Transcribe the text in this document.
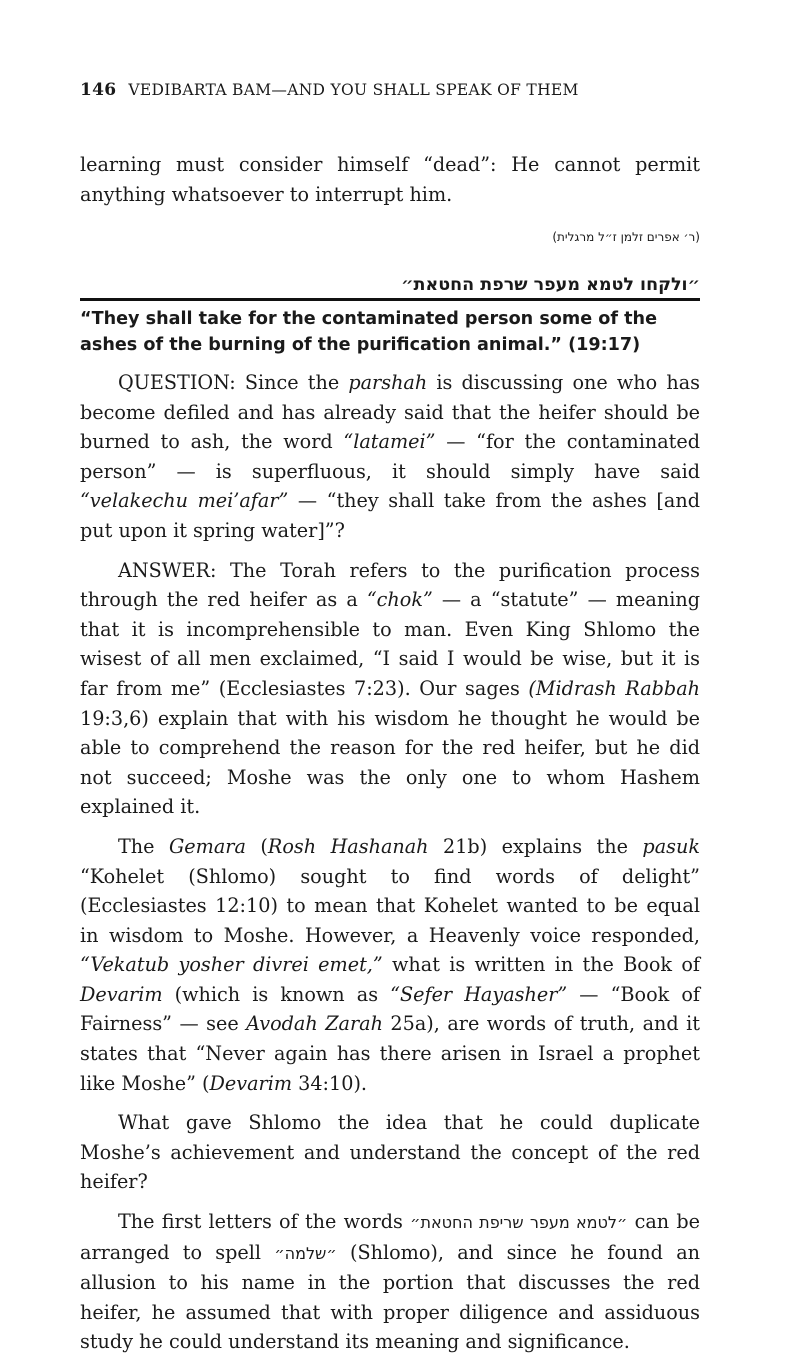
146 VEDIBARTA BAM—AND YOU SHALL SPEAK OF THEM

learning must consider himself “dead”: He cannot permit anything whatsoever to interrupt him.

(ר׳ אפרים זלמן ז״ל מרגלית)
״ולקחו לטמא מעפר שרפת החטאת״
“They shall take for the contaminated person some of the ashes of the burning of the purification animal.” (19:17)

QUESTION: Since the parshah is discussing one who has become defiled and has already said that the heifer should be burned to ash, the word “latamei” — “for the contaminated person” — is superfluous, it should simply have said “velakechu mei’afar” — “they shall take from the ashes [and put upon it spring water]”?

ANSWER: The Torah refers to the purification process through the red heifer as a “chok” — a “statute” — meaning that it is incomprehensible to man. Even King Shlomo the wisest of all men exclaimed, “I said I would be wise, but it is far from me” (Ecclesiastes 7:23). Our sages (Midrash Rabbah 19:3,6) explain that with his wisdom he thought he would be able to comprehend the reason for the red heifer, but he did not succeed; Moshe was the only one to whom Hashem explained it.

The Gemara (Rosh Hashanah 21b) explains the pasuk “Kohelet (Shlomo) sought to find words of delight” (Ecclesiastes 12:10) to mean that Kohelet wanted to be equal in wisdom to Moshe. However, a Heavenly voice responded, “Vekatub yosher divrei emet,” what is written in the Book of Devarim (which is known as “Sefer Hayasher” — “Book of Fairness” — see Avodah Zarah 25a), are words of truth, and it states that “Never again has there arisen in Israel a prophet like Moshe” (Devarim 34:10).

What gave Shlomo the idea that he could duplicate Moshe’s achievement and understand the concept of the red heifer?

The first letters of the words ״לטמא מעפר שריפת החטאת״ can be arranged to spell ״שלמה״ (Shlomo), and since he found an allusion to his name in the portion that discusses the red heifer, he assumed that with proper diligence and assiduous study he could understand its meaning and significance.
